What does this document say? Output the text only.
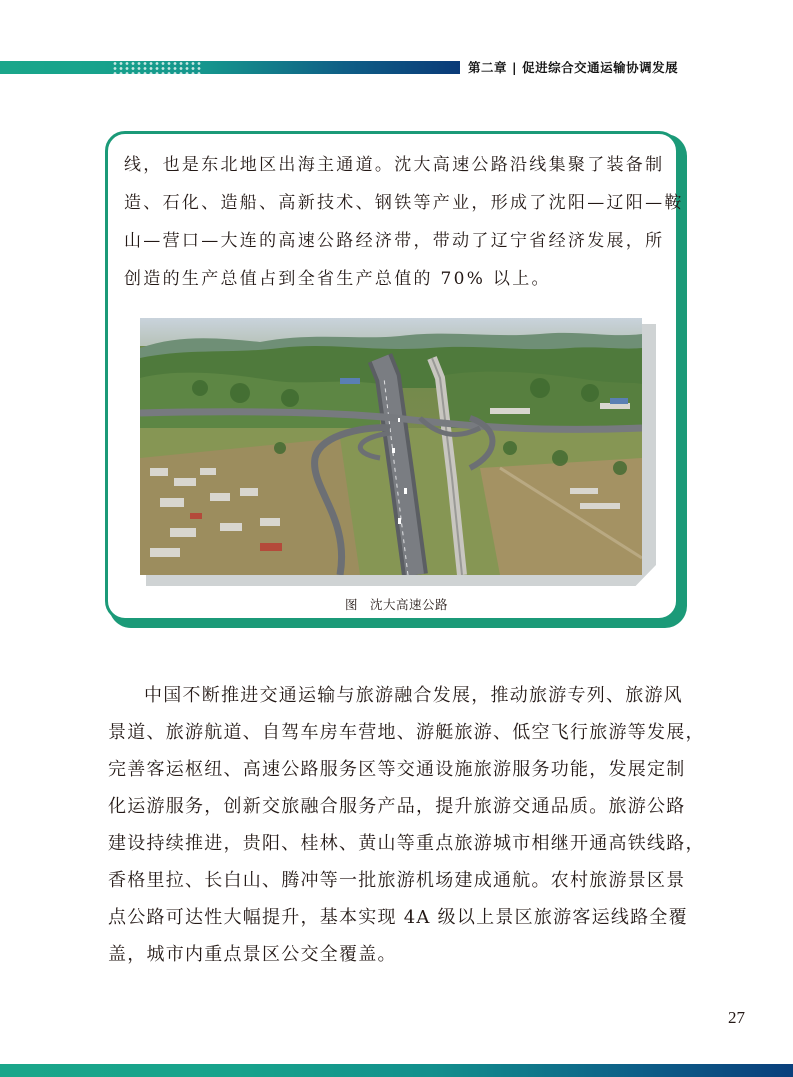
第二章 | 促进综合交通运输协调发展
线，也是东北地区出海主通道。沈大高速公路沿线集聚了装备制
造、石化、造船、高新技术、钢铁等产业，形成了沈阳—辽阳—鞍
山—营口—大连的高速公路经济带，带动了辽宁省经济发展，所
创造的生产总值占到全省生产总值的 70% 以上。
图 沈大高速公路
中国不断推进交通运输与旅游融合发展，推动旅游专列、旅游风
景道、旅游航道、自驾车房车营地、游艇旅游、低空飞行旅游等发展，
完善客运枢纽、高速公路服务区等交通设施旅游服务功能，发展定制
化运游服务，创新交旅融合服务产品，提升旅游交通品质。旅游公路
建设持续推进，贵阳、桂林、黄山等重点旅游城市相继开通高铁线路，
香格里拉、长白山、腾冲等一批旅游机场建成通航。农村旅游景区景
点公路可达性大幅提升，基本实现 4A 级以上景区旅游客运线路全覆
盖，城市内重点景区公交全覆盖。
27
